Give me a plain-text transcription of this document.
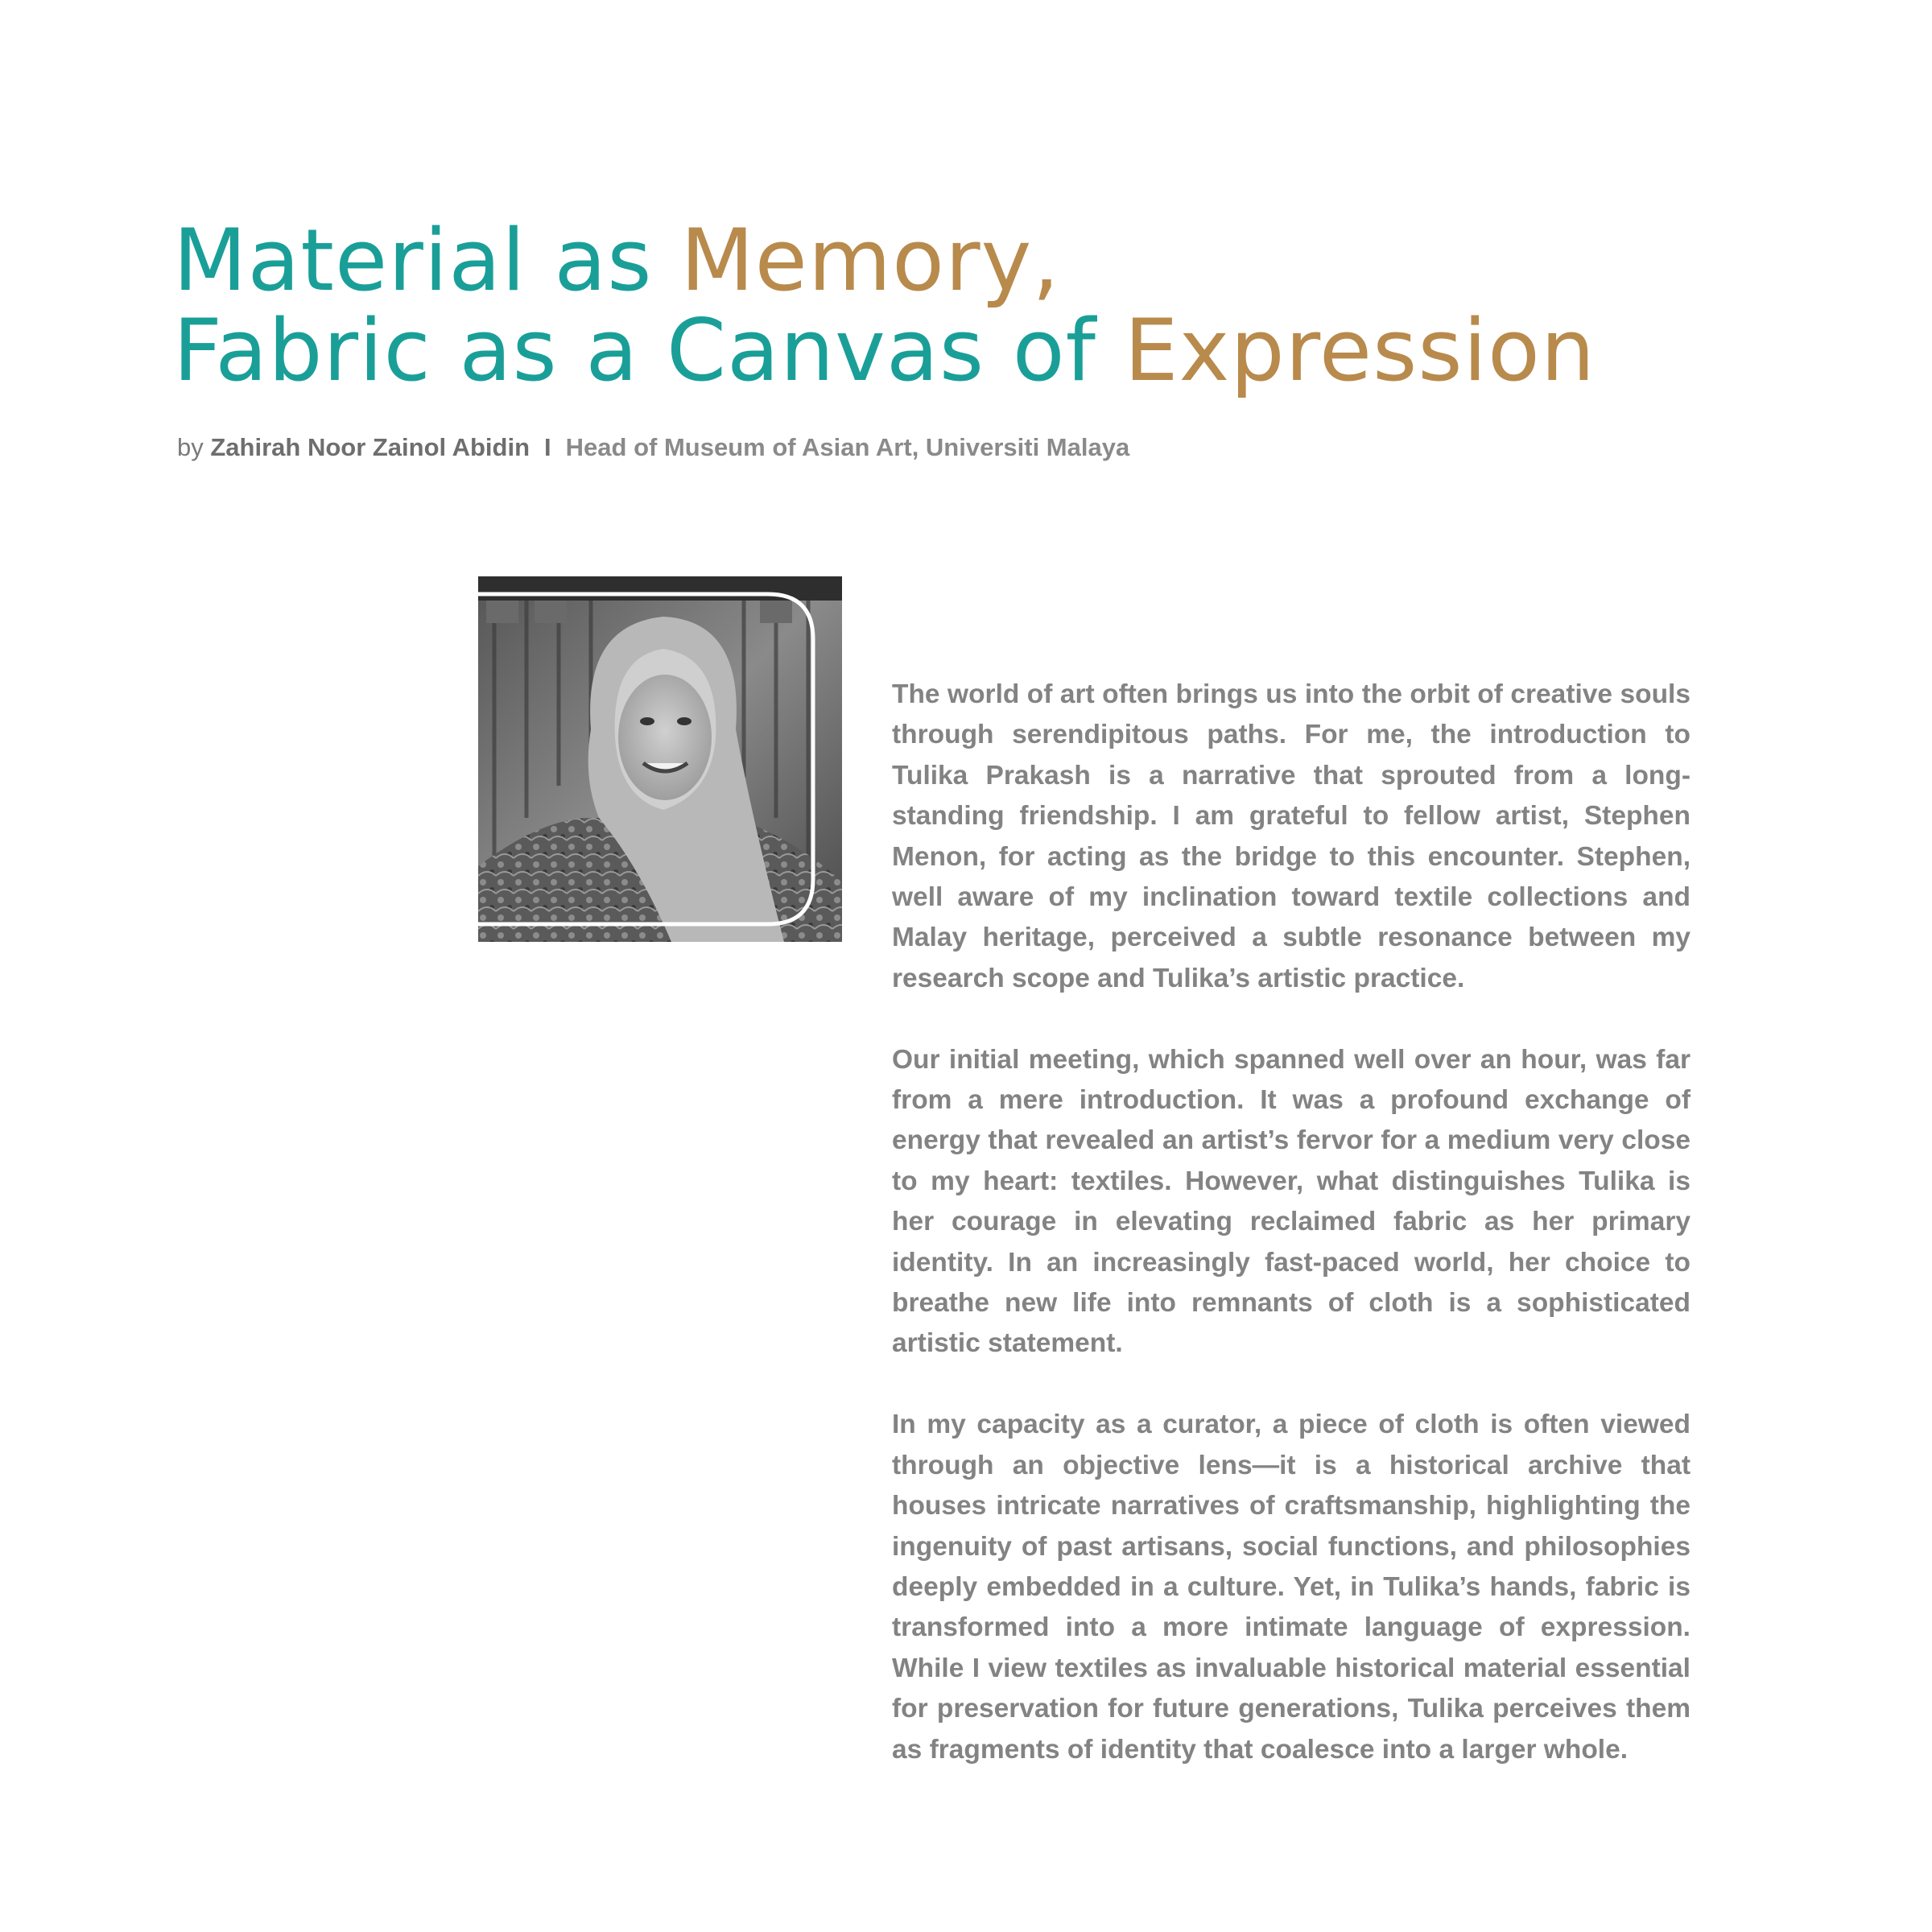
Material as Memory,
Fabric as a Canvas of Expression
by Zahirah Noor Zainol Abidin I Head of Museum of Asian Art, Universiti Malaya

The world of art often brings us into the orbit of creative souls through serendipitous paths. For me, the introduction to Tulika Prakash is a narrative that sprouted from a long-standing friendship. I am grateful to fellow artist, Stephen Menon, for acting as the bridge to this encounter. Stephen, well aware of my inclination toward textile collections and Malay heritage, perceived a subtle resonance between my research scope and Tulika’s artistic practice.

Our initial meeting, which spanned well over an hour, was far from a mere introduction. It was a profound exchange of energy that revealed an artist’s fervor for a medium very close to my heart: textiles. However, what distinguishes Tulika is her courage in elevating reclaimed fabric as her primary identity. In an increasingly fast-paced world, her choice to breathe new life into remnants of cloth is a sophisticated artistic statement.

In my capacity as a curator, a piece of cloth is often viewed through an objective lens—it is a historical archive that houses intricate narratives of craftsmanship, highlighting the ingenuity of past artisans, social functions, and philosophies deeply embedded in a culture. Yet, in Tulika’s hands, fabric is transformed into a more intimate language of expression. While I view textiles as invaluable historical material essential for preservation for future generations, Tulika perceives them as fragments of identity that coalesce into a larger whole.
